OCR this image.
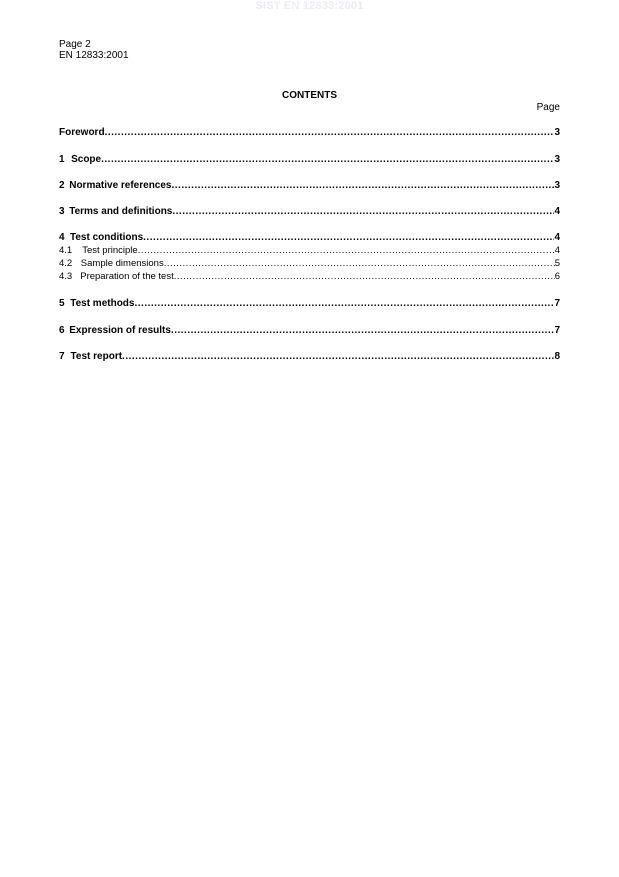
SIST EN 12833:2001
Page 2
EN 12833:2001
CONTENTS
Page
Foreword .....	3
1 Scope .....	3
2 Normative references .....	3
3 Terms and definitions .....	4
4 Test conditions .....	4
4.1	Test principle .....	4
4.2 Sample dimensions .....	5
4.3 Preparation of the test .....	6
5 Test methods .....	7
6 Expression of results .....	7
7 Test report .....	8
